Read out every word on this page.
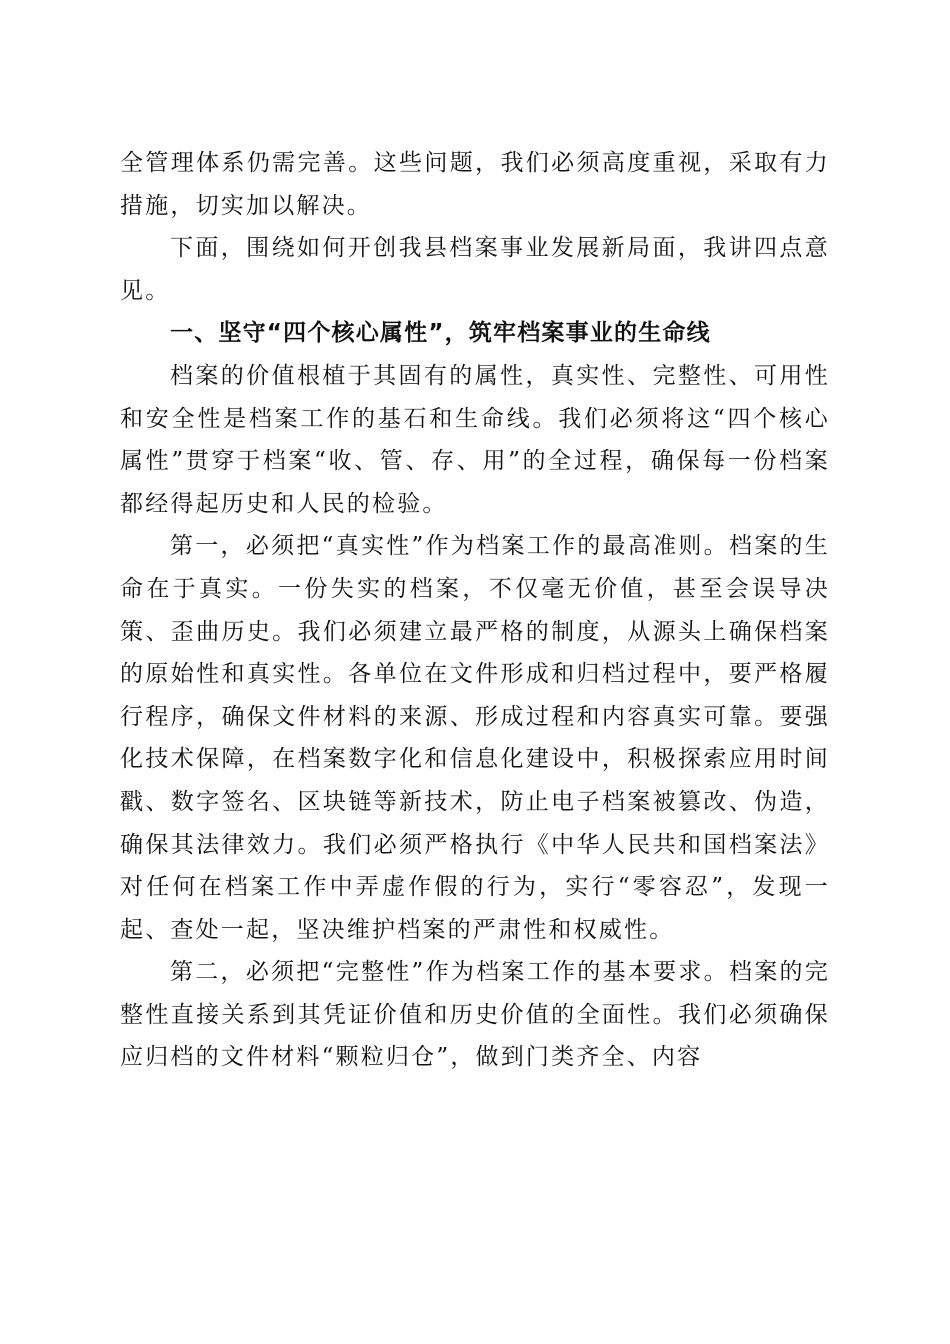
全管理体系仍需完善。这些问题，我们必须高度重视，采取有力措施，切实加以解决。

下面，围绕如何开创我县档案事业发展新局面，我讲四点意见。

一、坚守“四个核心属性”，筑牢档案事业的生命线

档案的价值根植于其固有的属性，真实性、完整性、可用性和安全性是档案工作的基石和生命线。我们必须将这“四个核心属性”贯穿于档案“收、管、存、用”的全过程，确保每一份档案都经得起历史和人民的检验。

第一，必须把“真实性”作为档案工作的最高准则。档案的生命在于真实。一份失实的档案，不仅毫无价值，甚至会误导决策、歪曲历史。我们必须建立最严格的制度，从源头上确保档案的原始性和真实性。各单位在文件形成和归档过程中，要严格履行程序，确保文件材料的来源、形成过程和内容真实可靠。要强化技术保障，在档案数字化和信息化建设中，积极探索应用时间戳、数字签名、区块链等新技术，防止电子档案被篡改、伪造，确保其法律效力。我们必须严格执行《中华人民共和国档案法》对任何在档案工作中弄虚作假的行为，实行“零容忍”，发现一起、查处一起，坚决维护档案的严肃性和权威性。

第二，必须把“完整性”作为档案工作的基本要求。档案的完整性直接关系到其凭证价值和历史价值的全面性。我们必须确保应归档的文件材料“颗粒归仓”，做到门类齐全、内容
